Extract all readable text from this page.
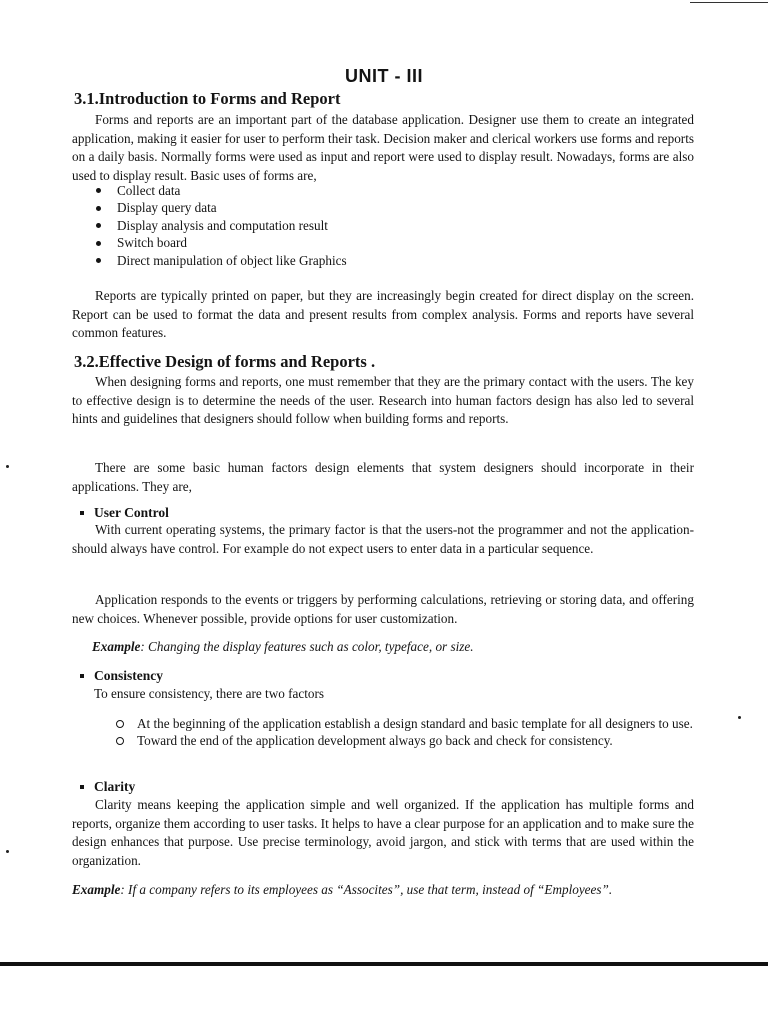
UNIT - III
3.1.Introduction to Forms and Report

Forms and reports are an important part of the database application. Designer use them to create an integrated application, making it easier for user to perform their task. Decision maker and clerical workers use forms and reports on a daily basis. Normally forms were used as input and report were used to display result. Nowadays, forms are also used to display result. Basic uses of forms are,

Collect data
Display query data
Display analysis and computation result
Switch board
Direct manipulation of object like Graphics

Reports are typically printed on paper, but they are increasingly begin created for direct display on the screen. Report can be used to format the data and present results from complex analysis. Forms and reports have several common features.

3.2.Effective Design of forms and Reports .

When designing forms and reports, one must remember that they are the primary contact with the users. The key to effective design is to determine the needs of the user. Research into human factors design has also led to several hints and guidelines that designers should follow when building forms and reports.

There are some basic human factors design elements that system designers should incorporate in their applications. They are,

User Control

With current operating systems, the primary factor is that the users-not the programmer and not the application-should always have control. For example do not expect users to enter data in a particular sequence.

Application responds to the events or triggers by performing calculations, retrieving or storing data, and offering new choices. Whenever possible, provide options for user customization.

Example: Changing the display features such as color, typeface, or size.
Consistency

To ensure consistency, there are two factors

At the beginning of the application establish a design standard and basic template for all designers to use.
Toward the end of the application development always go back and check for consistency.
Clarity

Clarity means keeping the application simple and well organized. If the application has multiple forms and reports, organize them according to user tasks. It helps to have a clear purpose for an application and to make sure the design enhances that purpose. Use precise terminology, avoid jargon, and stick with terms that are used within the organization.

Example: If a company refers to its employees as “Assocites”, use that term, instead of “Employees”.
